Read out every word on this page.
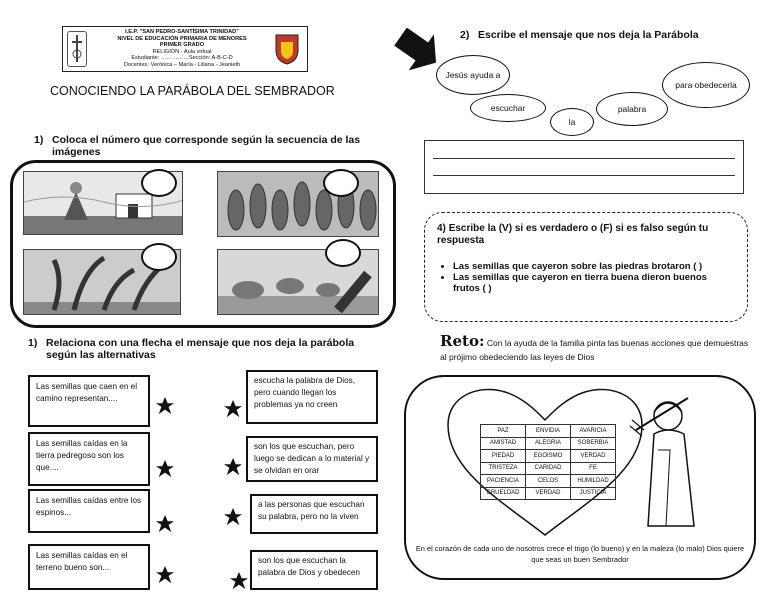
I.E.P. "SAN PEDRO-SANTÍSIMA TRINIDAD"
NIVEL DE EDUCACIÓN PRIMARIA DE MENORES
PRIMER GRADO
RELIGIÓN - Aula virtual
Estudiante: ……………Sección: A-B-C-D
Docentes: Verónica – María - Liliana - Jeanieth
CONOCIENDO LA PARÁBOLA DEL SEMBRADOR
1) Coloca el número que corresponde según la secuencia de las imágenes
1) Relaciona con una flecha el mensaje que nos deja la parábola según las alternativas
Las semillas que caen en el camino representan....
Las semillas caídas en la tierra pedregoso son los que....
Las semillas caídas entre los espinos...
Las semillas caídas en el terreno bueno son...
escucha la palabra de Dios, pero cuando llegan los problemas ya no creen
son los que escuchan, pero luego se dedican a lo material y se olvidan en orar
a las personas que escuchan su palabra, pero no la viven
son los que escuchan la palabra de Dios y obedecen
2) Escribe el mensaje que nos deja la Parábola
Jesús ayuda a
para obedecerla
escuchar
la
palabra
4) Escribe la (V) si es verdadero o (F) si es falso según tu respuesta
• Las semillas que cayeron sobre las piedras brotaron ( )
• Las semillas que cayeron en tierra buena dieron buenos frutos ( )
Reto: Con la ayuda de la familia pinta las buenas acciones que demuestras al prójimo obedeciendo las leyes de Dios
PAZ	ENVIDIA	AVARICIA
AMISTAD	ALEGRIA	SOBERBIA
PIEDAD	EGOISMO	VERDAD
TRISTEZA	CARIDAD	FE
PACIENCIA	CELOS	HUMILDAD
CRUELDAD	VERDAD	JUSTICIA
En el corazón de cada uno de nosotros crece el trigo (lo bueno) y en la maleza (lo malo) Dios quiere que seas un buen Sembrador
